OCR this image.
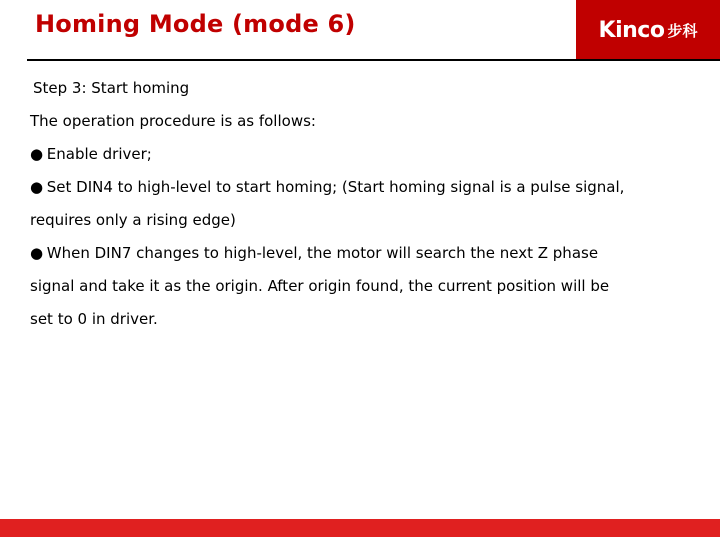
Homing Mode (mode 6)	Kinco 步科

Step 3: Start homing

The operation procedure is as follows:

● Enable driver;

● Set DIN4 to high-level to start homing; (Start homing signal is a pulse signal,

requires only a rising edge)

● When DIN7 changes to high-level, the motor will search the next Z phase

signal and take it as the origin. After origin found, the current position will be

set to 0 in driver.
